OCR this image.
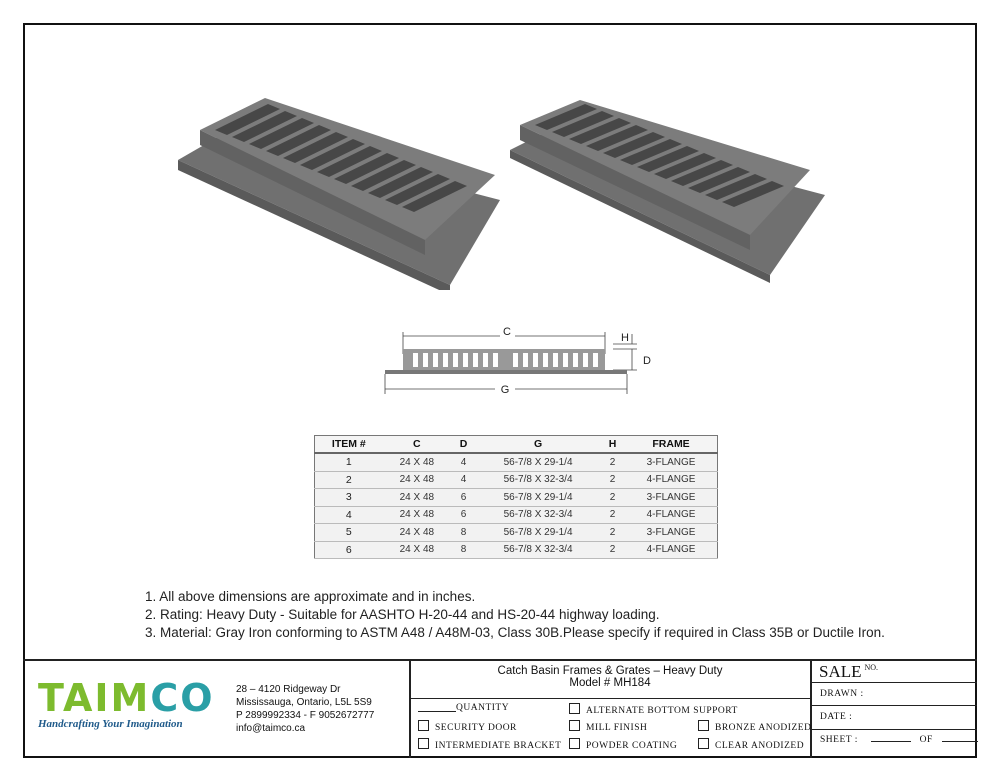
C	H
D
G
ITEM #	C	D	G	H	FRAME
1	24 X 48	4	56-7/8 X 29-1/4	2	3-FLANGE
2	24 X 48	4	56-7/8 X 32-3/4	2	4-FLANGE
3	24 X 48	6	56-7/8 X 29-1/4	2	3-FLANGE
4	24 X 48	6	56-7/8 X 32-3/4	2	4-FLANGE
5	24 X 48	8	56-7/8 X 29-1/4	2	3-FLANGE
6	24 X 48	8	56-7/8 X 32-3/4	2	4-FLANGE
1. All above dimensions are approximate and in inches.
2. Rating: Heavy Duty - Suitable for AASHTO H-20-44 and HS-20-44 highway loading.
3. Material: Gray Iron conforming to ASTM A48 / A48M-03, Class 30B.Please specify if required in Class 35B or Ductile Iron.
TAIMCO
Handcrafting Your Imagination
28 – 4120 Ridgeway Dr
Mississauga, Ontario, L5L 5S9
P 2899992334 - F 9052672777
info@taimco.ca
Catch Basin Frames & Grates – Heavy Duty
Model # MH184
QUANTITY
SECURITY DOOR
INTERMEDIATE BRACKET
ALTERNATE BOTTOM SUPPORT
MILL FINISH
POWDER COATING
BRONZE ANODIZED
CLEAR ANODIZED
SALE $^{NO.}$
DRAWN :
DATE :
SHEET :	OF
